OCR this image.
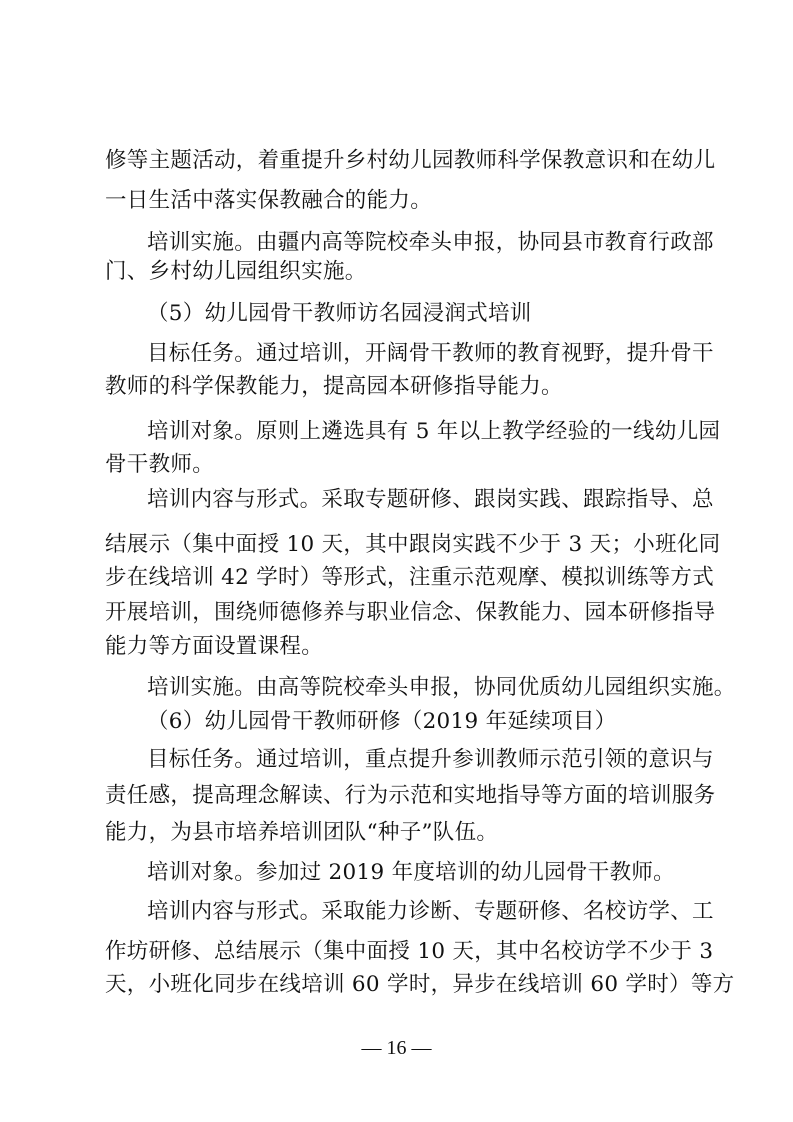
修等主题活动，着重提升乡村幼儿园教师科学保教意识和在幼儿
一日生活中落实保教融合的能力。
培训实施。由疆内高等院校牵头申报，协同县市教育行政部
门、乡村幼儿园组织实施。
（5）幼儿园骨干教师访名园浸润式培训
目标任务。通过培训，开阔骨干教师的教育视野，提升骨干
教师的科学保教能力，提高园本研修指导能力。
培训对象。原则上遴选具有 5 年以上教学经验的一线幼儿园
骨干教师。
培训内容与形式。采取专题研修、跟岗实践、跟踪指导、总
结展示（集中面授 10 天，其中跟岗实践不少于 3 天；小班化同
步在线培训 42 学时）等形式，注重示范观摩、模拟训练等方式
开展培训，围绕师德修养与职业信念、保教能力、园本研修指导
能力等方面设置课程。
培训实施。由高等院校牵头申报，协同优质幼儿园组织实施。
（6）幼儿园骨干教师研修（2019 年延续项目）
目标任务。通过培训，重点提升参训教师示范引领的意识与
责任感，提高理念解读、行为示范和实地指导等方面的培训服务
能力，为县市培养培训团队“种子”队伍。
培训对象。参加过 2019 年度培训的幼儿园骨干教师。
培训内容与形式。采取能力诊断、专题研修、名校访学、工
作坊研修、总结展示（集中面授 10 天，其中名校访学不少于 3
天，小班化同步在线培训 60 学时，异步在线培训 60 学时）等方
— 16 —
